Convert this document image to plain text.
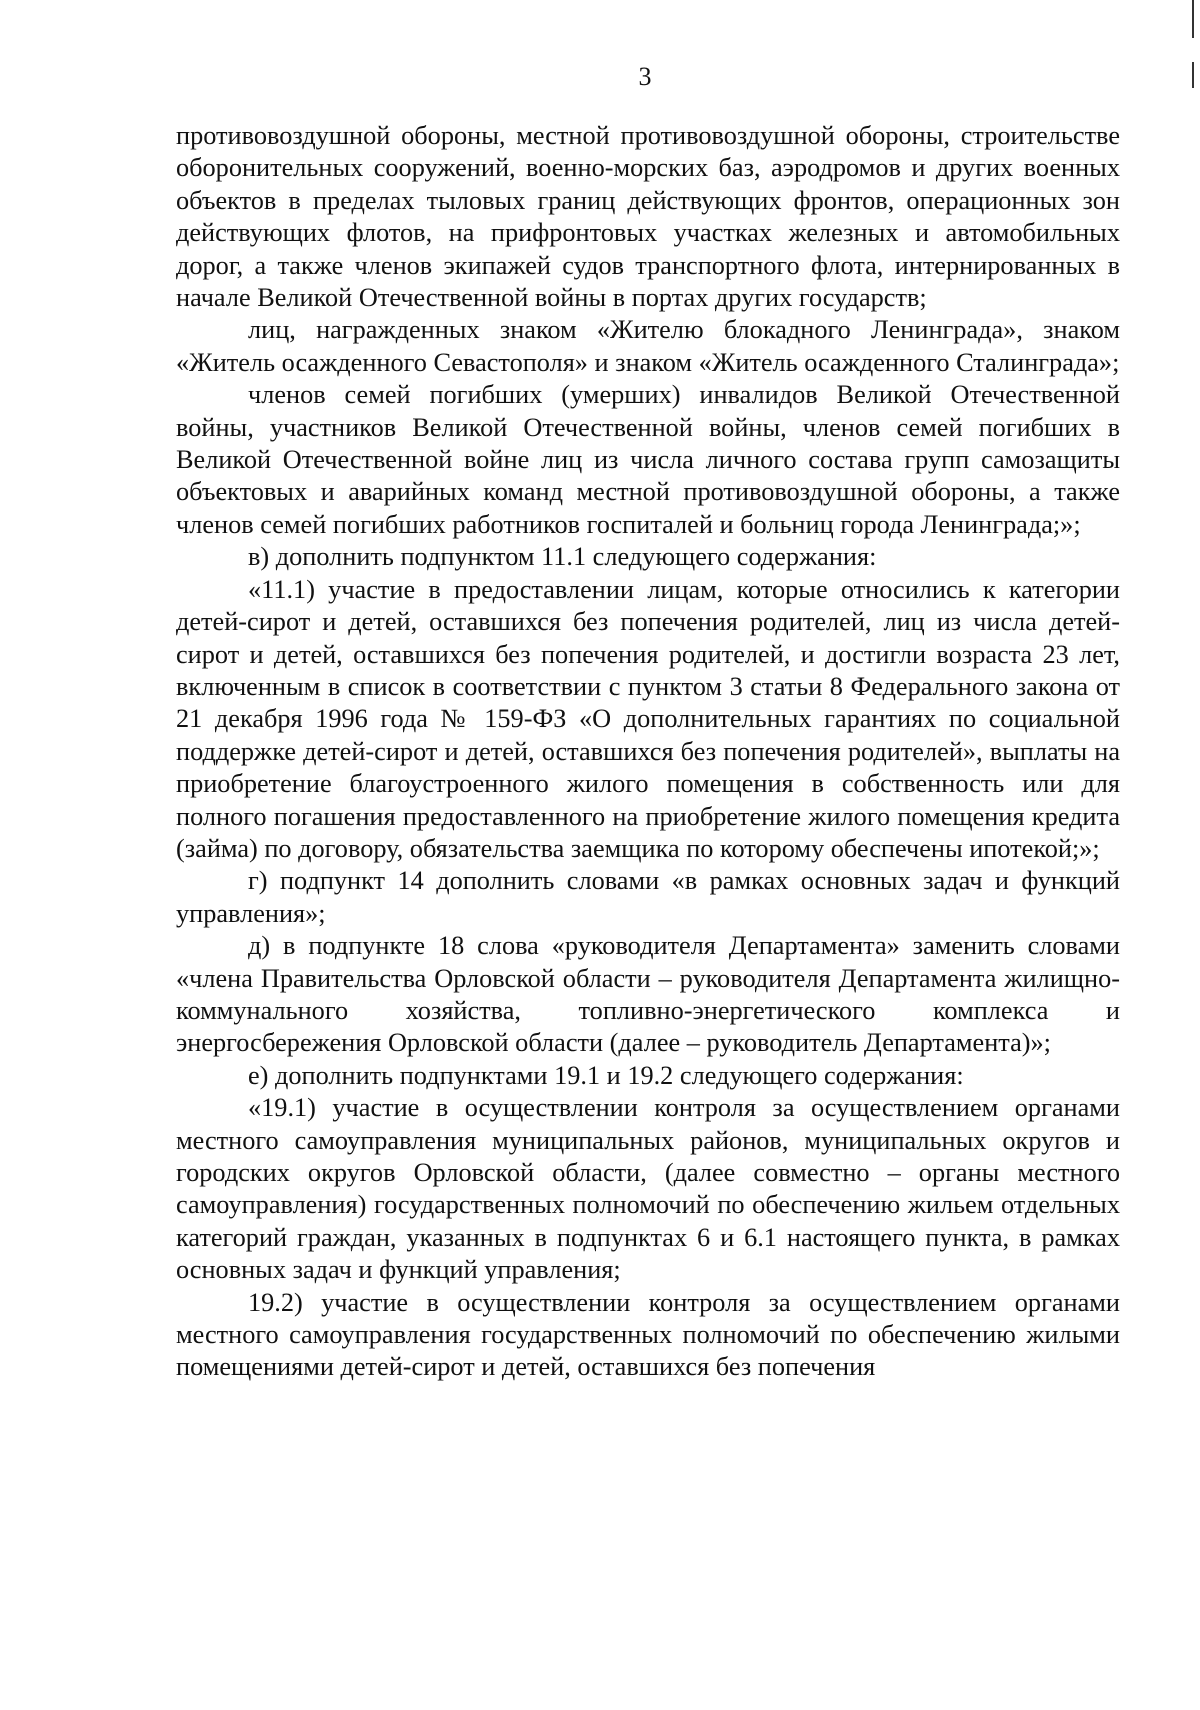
3

противовоздушной обороны, местной противовоздушной обороны, строительстве оборонительных сооружений, военно-морских баз, аэродромов и других военных объектов в пределах тыловых границ действующих фронтов, операционных зон действующих флотов, на прифронтовых участках железных и автомобильных дорог, а также членов экипажей судов транспортного флота, интернированных в начале Великой Отечественной войны в портах других государств;

лиц, награжденных знаком «Жителю блокадного Ленинграда», знаком «Житель осажденного Севастополя» и знаком «Житель осажденного Сталинграда»;

членов семей погибших (умерших) инвалидов Великой Отечественной войны, участников Великой Отечественной войны, членов семей погибших в Великой Отечественной войне лиц из числа личного состава групп самозащиты объектовых и аварийных команд местной противовоздушной обороны, а также членов семей погибших работников госпиталей и больниц города Ленинграда;»;

в) дополнить подпунктом 11.1 следующего содержания:

«11.1) участие в предоставлении лицам, которые относились к категории детей-сирот и детей, оставшихся без попечения родителей, лиц из числа детей-сирот и детей, оставшихся без попечения родителей, и достигли возраста 23 лет, включенным в список в соответствии с пунктом 3 статьи 8 Федерального закона от 21 декабря 1996 года № 159-ФЗ «О дополнительных гарантиях по социальной поддержке детей-сирот и детей, оставшихся без попечения родителей», выплаты на приобретение благоустроенного жилого помещения в собственность или для полного погашения предоставленного на приобретение жилого помещения кредита (займа) по договору, обязательства заемщика по которому обеспечены ипотекой;»;

г) подпункт 14 дополнить словами «в рамках основных задач и функций управления»;

д) в подпункте 18 слова «руководителя Департамента» заменить словами «члена Правительства Орловской области – руководителя Департамента жилищно-коммунального хозяйства, топливно-энергетического комплекса и энергосбережения Орловской области (далее – руководитель Департамента)»;

е) дополнить подпунктами 19.1 и 19.2 следующего содержания:

«19.1) участие в осуществлении контроля за осуществлением органами местного самоуправления муниципальных районов, муниципальных округов и городских округов Орловской области, (далее совместно – органы местного самоуправления) государственных полномочий по обеспечению жильем отдельных категорий граждан, указанных в подпунктах 6 и 6.1 настоящего пункта, в рамках основных задач и функций управления;

19.2) участие в осуществлении контроля за осуществлением органами местного самоуправления государственных полномочий по обеспечению жилыми помещениями детей-сирот и детей, оставшихся без попечения
